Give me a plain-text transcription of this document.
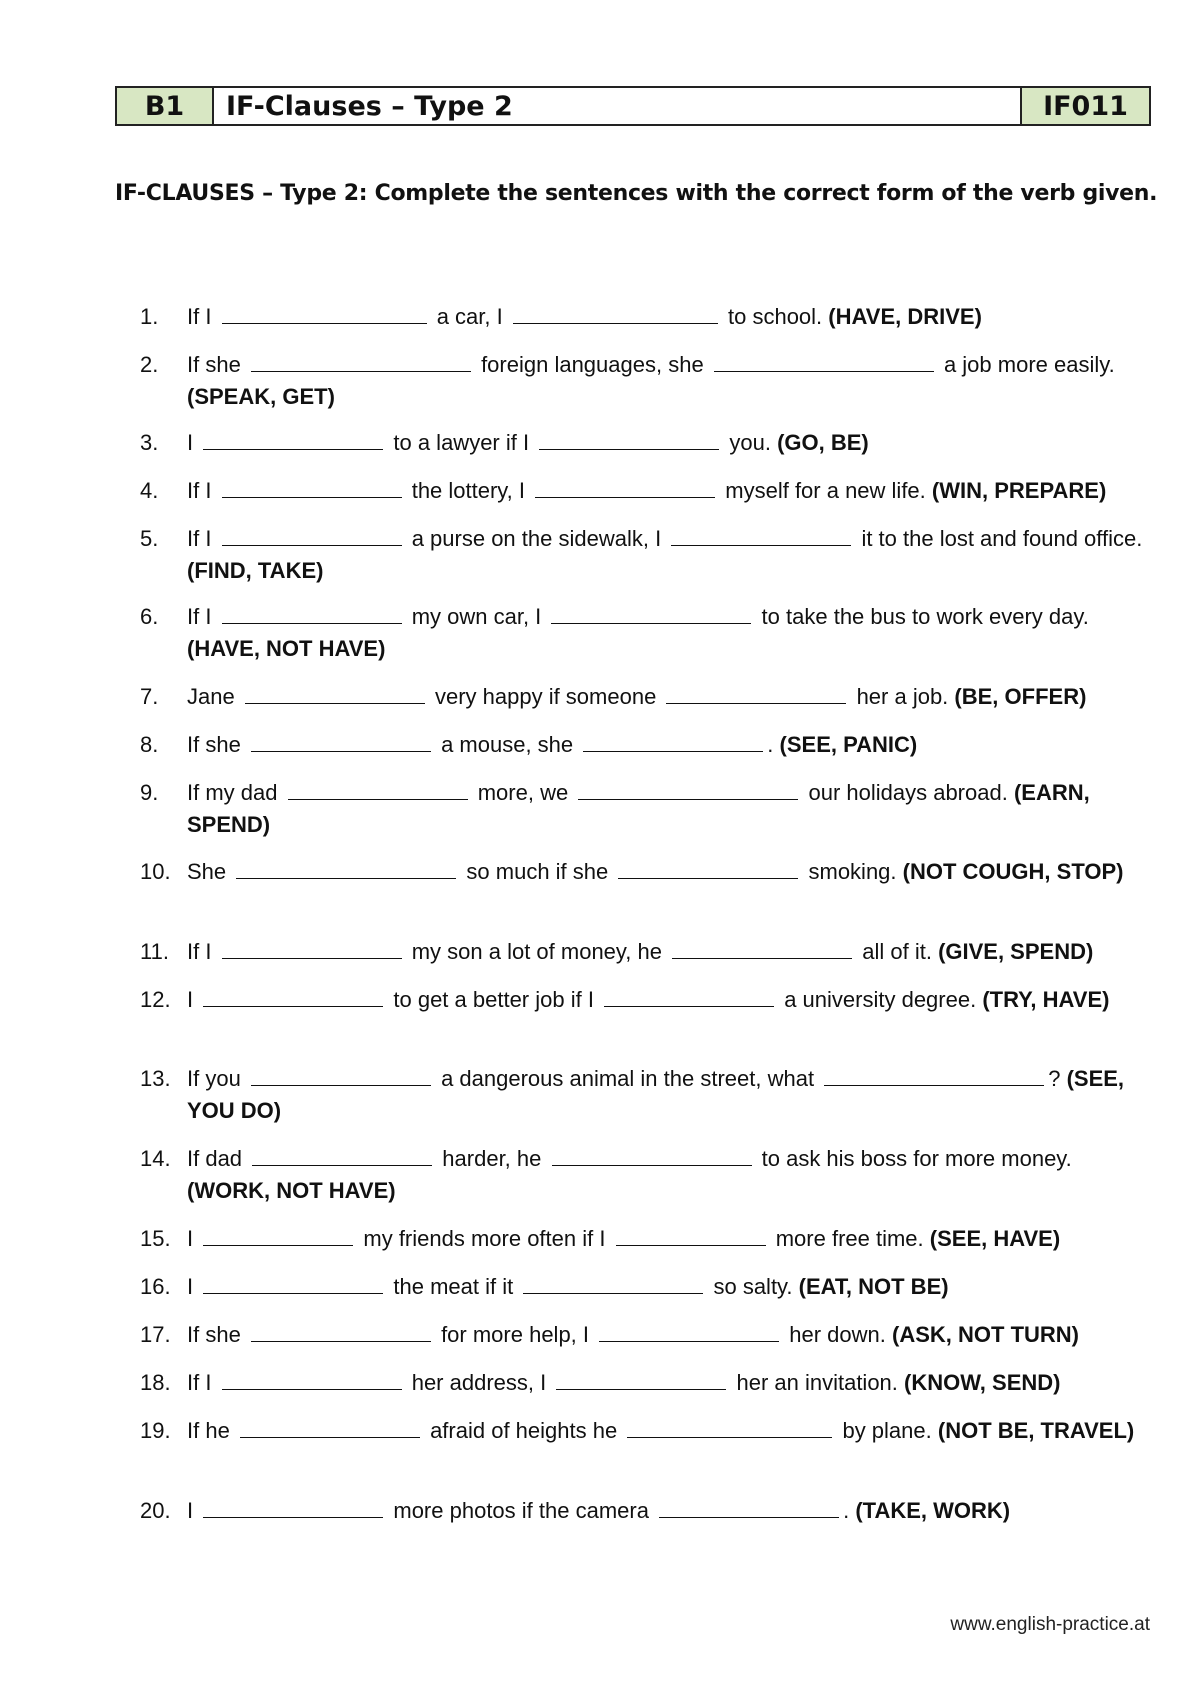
B1	IF-Clauses – Type 2	IF011
IF-CLAUSES – Type 2: Complete the sentences with the correct form of the verb given.
1.	If I	a car, I	to school. (HAVE, DRIVE)
2.	If she	foreign languages, she	a job more easily. (SPEAK, GET)
3.	I	to a lawyer if I	you. (GO, BE)
4.	If I	the lottery, I	myself for a new life. (WIN, PREPARE)
5.	If I	a purse on the sidewalk, I	it to the lost and found office. (FIND, TAKE)
6.	If I	my own car, I	to take the bus to work every day. (HAVE, NOT HAVE)
7.	Jane	very happy if someone	her a job. (BE, OFFER)
8.	If she	a mouse, she	. (SEE, PANIC)
9.	If my dad	more, we	our holidays abroad. (EARN, SPEND)
10. She	so much if she	smoking. (NOT COUGH, STOP)
11. If I	my son a lot of money, he	all of it. (GIVE, SPEND)
12. I	to get a better job if I	a university degree. (TRY, HAVE)
13. If you	a dangerous animal in the street, what	? (SEE, YOU DO)
14. If dad	harder, he	to ask his boss for more money. (WORK, NOT HAVE)
15. I	my friends more often if I	more free time. (SEE, HAVE)
16. I	the meat if it	so salty. (EAT, NOT BE)
17. If she	for more help, I	her down. (ASK, NOT TURN)
18. If I	her address, I	her an invitation. (KNOW, SEND)
19. If he	afraid of heights he	by plane. (NOT BE, TRAVEL)
20. I	more photos if the camera	. (TAKE, WORK)
www.english-practice.at
